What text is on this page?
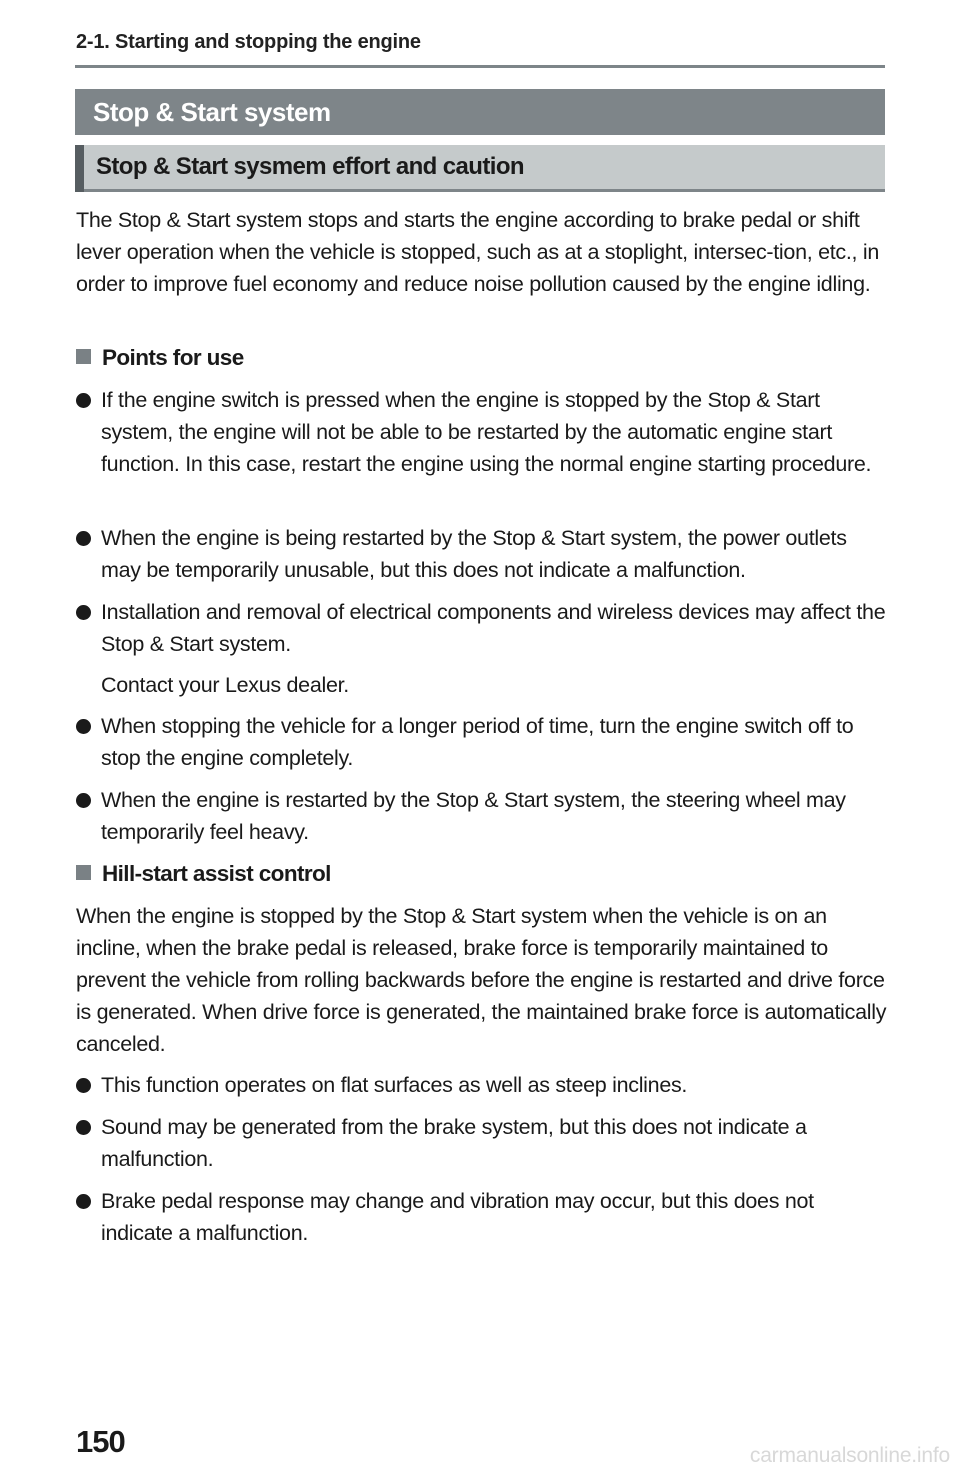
2-1. Starting and stopping the engine
Stop & Start system
Stop & Start sysmem effort and caution

The Stop & Start system stops and starts the engine according to brake pedal or shift lever operation when the vehicle is stopped, such as at a stoplight, intersec-tion, etc., in order to improve fuel economy and reduce noise pollution caused by the engine idling.

Points for use
If the engine switch is pressed when the engine is stopped by the Stop & Start system, the engine will not be able to be restarted by the automatic engine start function. In this case, restart the engine using the normal engine starting procedure.
When the engine is being restarted by the Stop & Start system, the power outlets may be temporarily unusable, but this does not indicate a malfunction.
Installation and removal of electrical components and wireless devices may affect the Stop & Start system.
Contact your Lexus dealer.
When stopping the vehicle for a longer period of time, turn the engine switch off to stop the engine completely.
When the engine is restarted by the Stop & Start system, the steering wheel may temporarily feel heavy.
Hill-start assist control

When the engine is stopped by the Stop & Start system when the vehicle is on an incline, when the brake pedal is released, brake force is temporarily maintained to prevent the vehicle from rolling backwards before the engine is restarted and drive force is generated. When drive force is generated, the maintained brake force is automatically canceled.

This function operates on flat surfaces as well as steep inclines.
Sound may be generated from the brake system, but this does not indicate a malfunction.
Brake pedal response may change and vibration may occur, but this does not indicate a malfunction.
150	carmanualsonline.info
